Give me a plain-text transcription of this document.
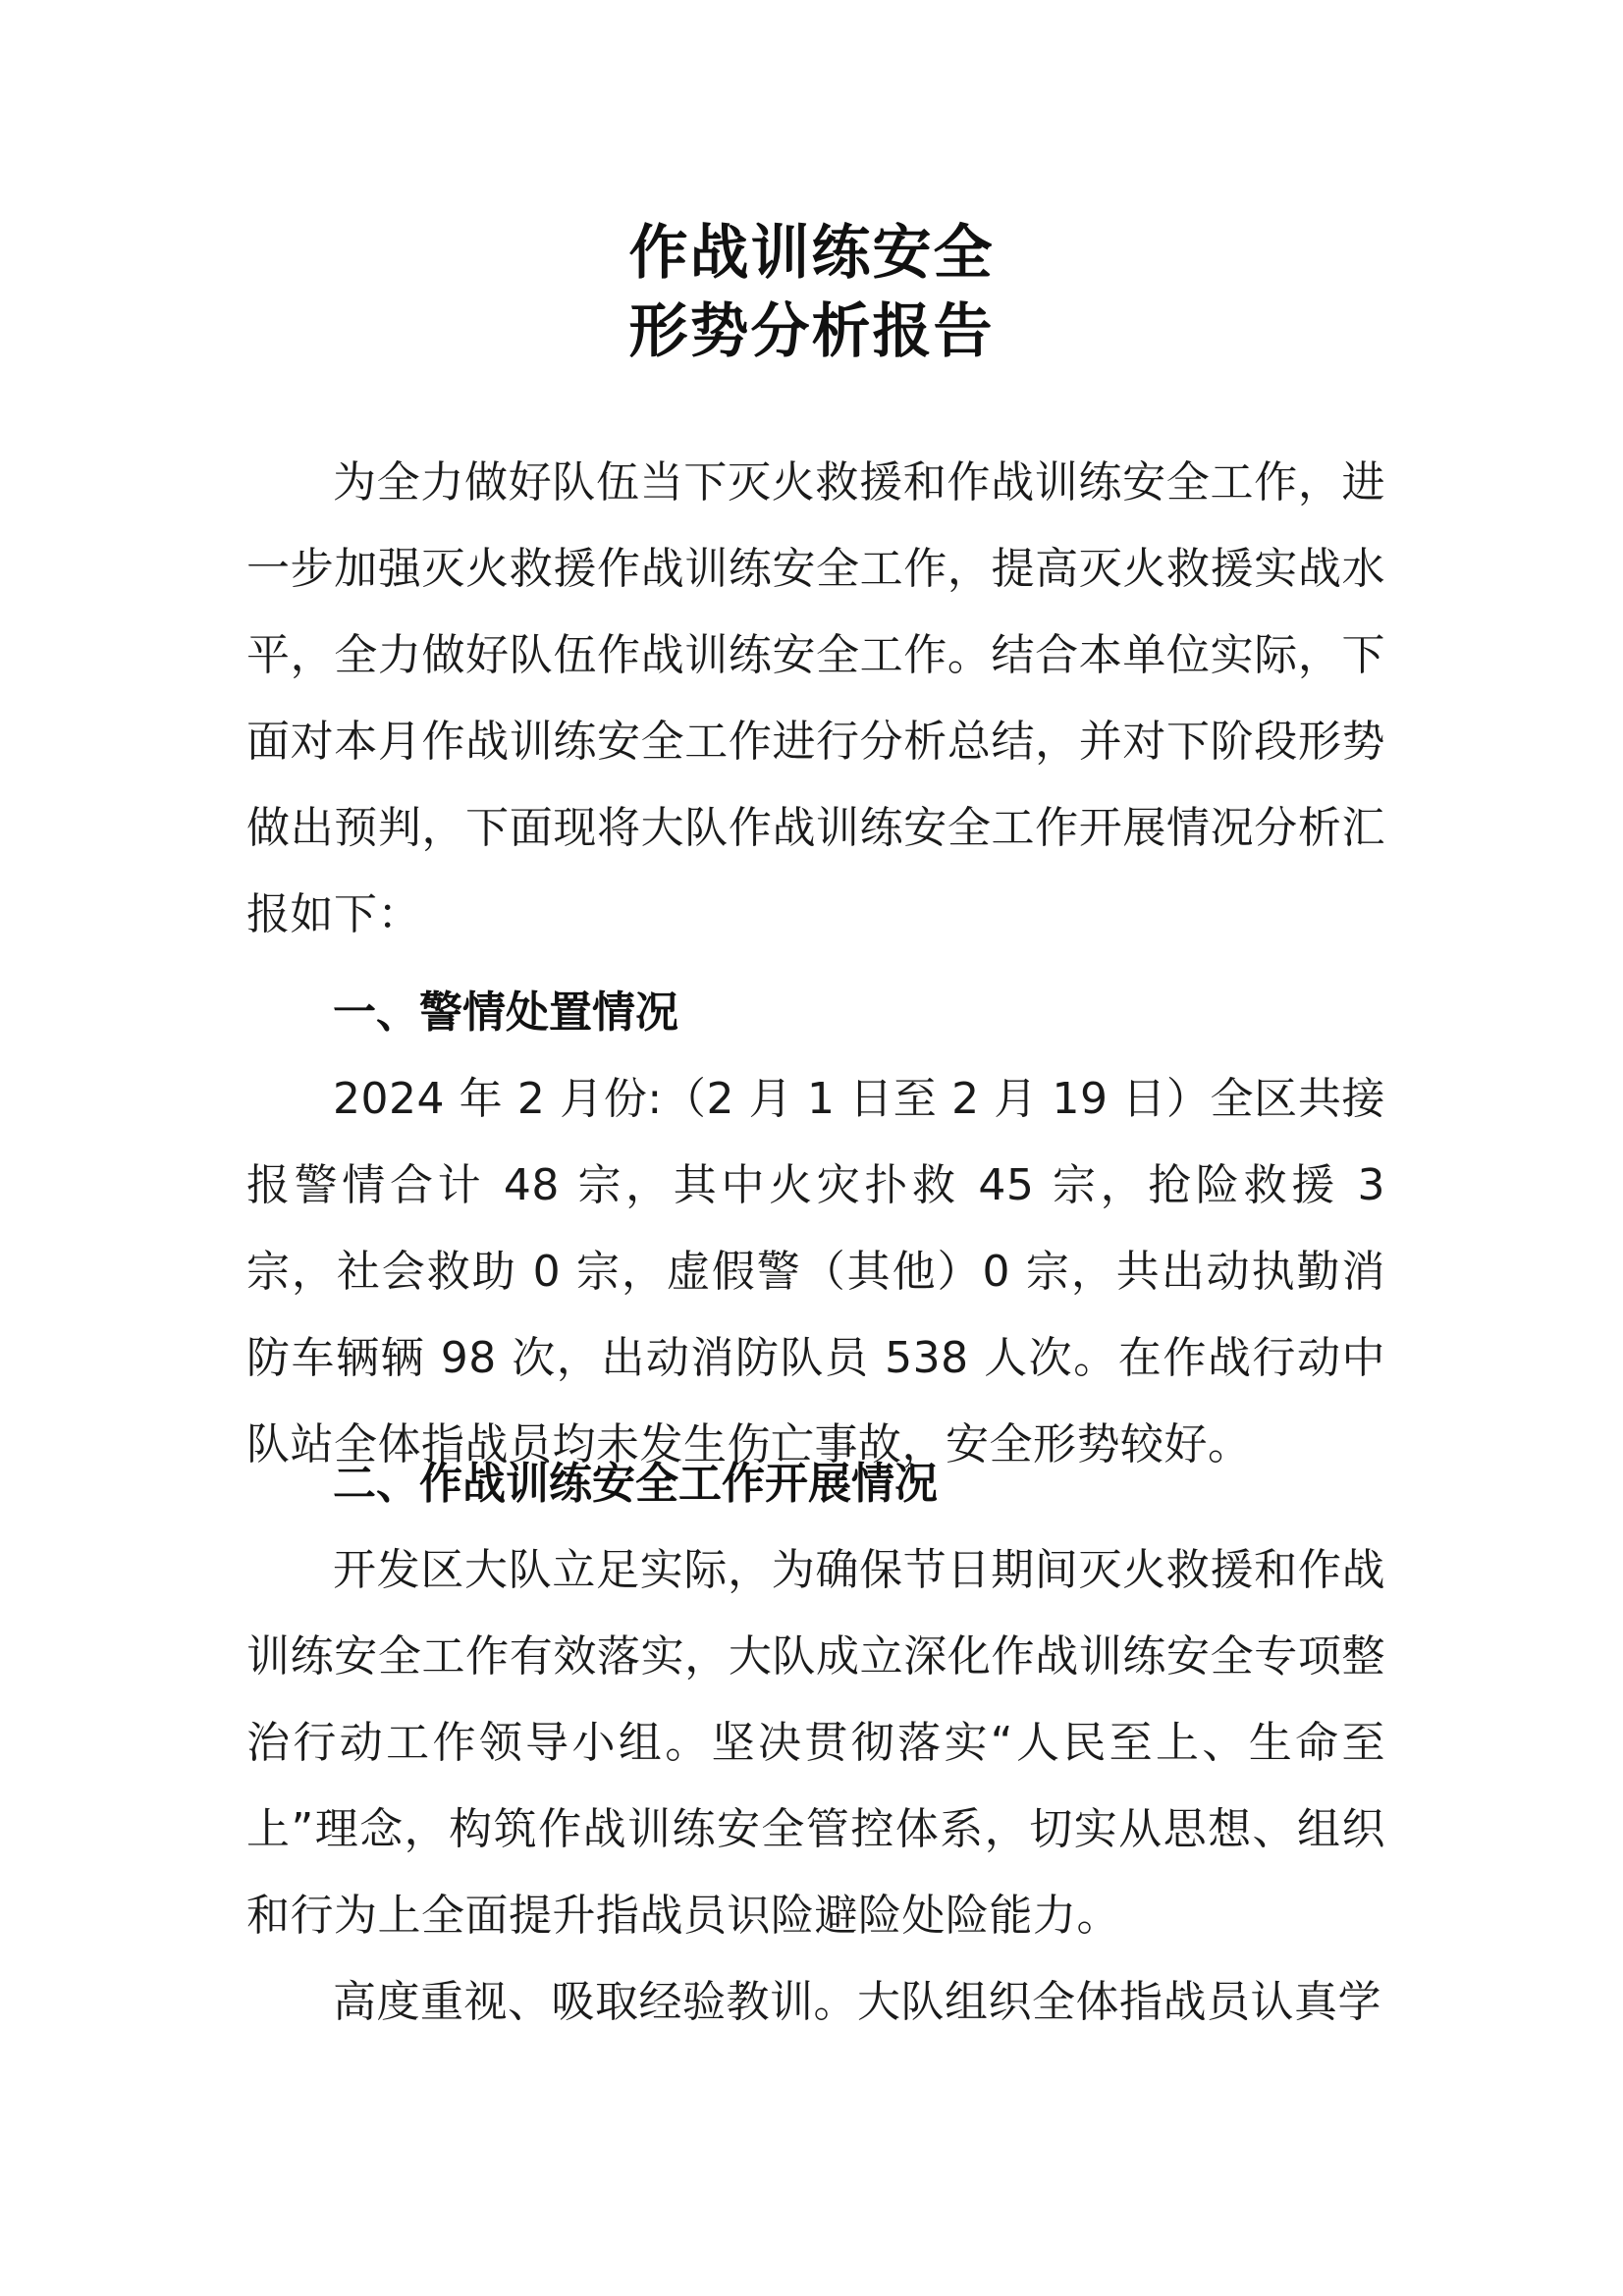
作战训练安全
形势分析报告

为全力做好队伍当下灭火救援和作战训练安全工作，进一步加强灭火救援作战训练安全工作，提高灭火救援实战水平，全力做好队伍作战训练安全工作。结合本单位实际，下面对本月作战训练安全工作进行分析总结，并对下阶段形势做出预判，下面现将大队作战训练安全工作开展情况分析汇报如下：

一、警情处置情况

2024 年 2 月份:（2 月 1 日至 2 月 19 日）全区共接报警情合计 48 宗，其中火灾扑救 45 宗，抢险救援 3 宗，社会救助 0 宗，虚假警（其他）0 宗，共出动执勤消防车辆辆 98 次，出动消防队员 538 人次。在作战行动中队站全体指战员均未发生伤亡事故，安全形势较好。

二、作战训练安全工作开展情况

开发区大队立足实际，为确保节日期间灭火救援和作战训练安全工作有效落实，大队成立深化作战训练安全专项整治行动工作领导小组。坚决贯彻落实“人民至上、生命至上”理念，构筑作战训练安全管控体系，切实从思想、组织和行为上全面提升指战员识险避险处险能力。

高度重视、吸取经验教训。大队组织全体指战员认真学
